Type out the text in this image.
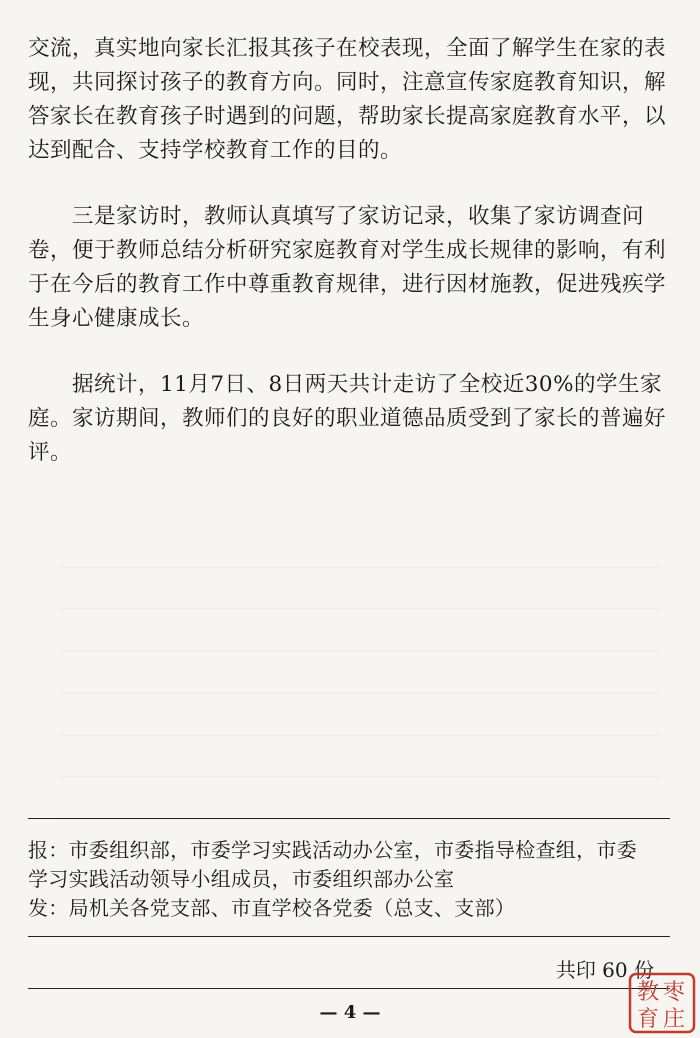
交流，真实地向家长汇报其孩子在校表现，全面了解学生在家的表现，共同探讨孩子的教育方向。同时，注意宣传家庭教育知识，解答家长在教育孩子时遇到的问题，帮助家长提高家庭教育水平，以达到配合、支持学校教育工作的目的。

三是家访时，教师认真填写了家访记录，收集了家访调查问卷，便于教师总结分析研究家庭教育对学生成长规律的影响，有利于在今后的教育工作中尊重教育规律，进行因材施教，促进残疾学生身心健康成长。

据统计，11月7日、8日两天共计走访了全校近30%的学生家庭。家访期间，教师们的良好的职业道德品质受到了家长的普遍好评。

报：市委组织部，市委学习实践活动办公室，市委指导检查组，市委

学习实践活动领导小组成员，市委组织部办公室

发：局机关各党支部、市直学校各党委（总支、支部）

共印 60 份
— 4 —
枣
庄
教
育
